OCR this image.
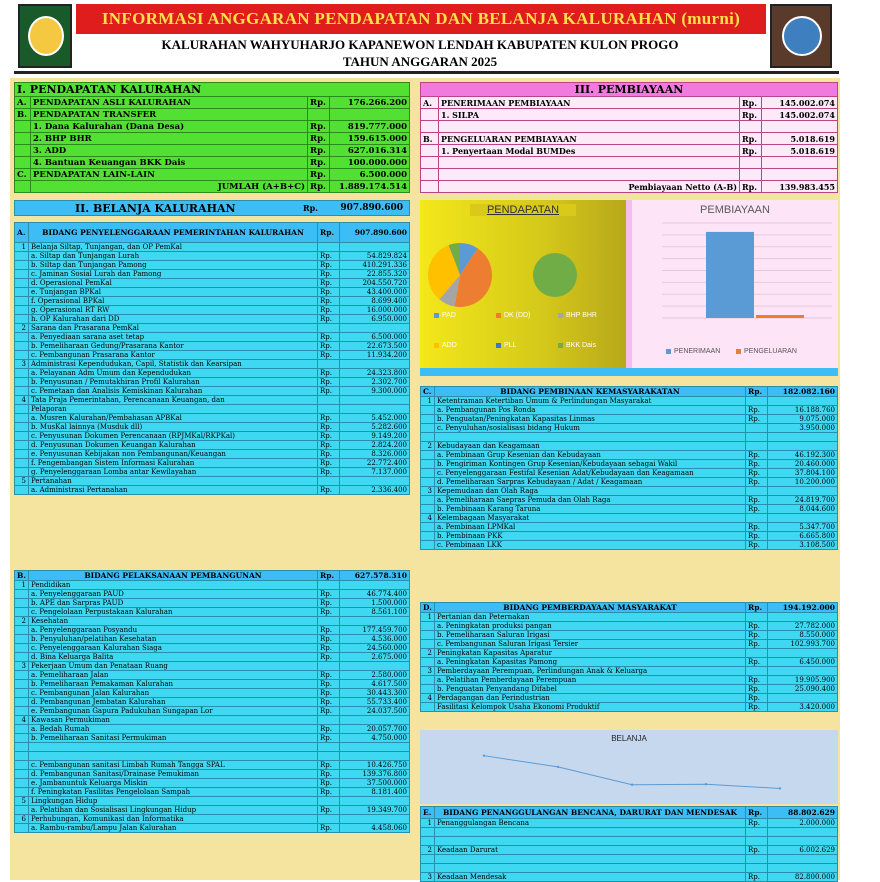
INFORMASI ANGGARAN PENDAPATAN DAN BELANJA KALURAHAN (murni)
KALURAHAN WAHYUHARJO KAPANEWON LENDAH KABUPATEN KULON PROGO
TAHUN ANGGARAN 2025
I. PENDAPATAN KALURAHAN			
A.	PENDAPATAN ASLI KALURAHAN	Rp.	176.266.200
B.	PENDAPATAN TRANSFER		
	1. Dana Kalurahan (Dana Desa)	Rp.	819.777.000
	2. BHP BHR	Rp.	159.615.000
	3. ADD	Rp.	627.016.314
	4. Bantuan Keuangan BKK Dais	Rp.	100.000.000
C.	PENDAPATAN LAIN-LAIN	Rp.	6.500.000
	JUMLAH (A+B+C)	Rp.	1.889.174.514
III. PEMBIAYAAN			
A.	PENERIMAAN PEMBIAYAAN	Rp.	145.002.074
	1. SILPA	Rp.	145.002.074

B.	PENGELUARAN PEMBIAYAAN	Rp.	5.018.619
	1. Penyertaan Modal BUMDes	Rp.	5.018.619

	Pembiayaan Netto (A-B)	Rp.	139.983.455
II. BELANJA KALURAHAN	Rp. 907.890.600	PENDAPATAN
PAD	DK (DD)	BHP BHR
ADD	PLL	BKK Dais
PEMBIAYAAN
PENERIMAAN	PENGELUARAN
A.	BIDANG PENYELENGGARAAN PEMERINTAHAN KALURAHAN	Rp.	907.890.600
1	Belanja Siltap, Tunjangan, dan OP PemKal		
	a. Siltap dan Tunjangan Lurah	Rp.	54.829.824
	b. Siltap dan Tunjangan Pamong	Rp.	410.291.336
	c. Jaminan Sosial Lurah dan Pamong	Rp.	22.855.320
	d. Operasional PemKal	Rp.	204.550.720
	e. Tunjangan BPKal	Rp.	43.400.000
	f. Operasional BPKal	Rp.	8.699.400
	g. Operasional RT RW	Rp.	16.000.000
	h. OP Kalurahan dari DD	Rp.	6.950.000
2	Sarana dan Prasarana PemKal		
	a. Penyediaan sarana aset tetap	Rp.	6.500.000
	b. Pemeliharaan Gedung/Prasarana Kantor	Rp.	22.673.500
	c. Pembangunan Prasarana Kantor	Rp.	11.934.200
3	Administrasi Kependudukan, Capil, Statistik dan Kearsipan		
	a. Pelayanan Adm Umum dan Kependudukan	Rp.	24.323.800
	b. Penyusunan / Pemutakhiran Profil Kalurahan	Rp.	2.302.700
	c. Pemetaan dan Analisis Kemiskinan Kalurahan	Rp.	9.300.000
4	Tata Praja Pemerintahan, Perencanaan Keuangan, dan		
	Pelaporan		
	a. Musren Kalurahan/Pembahasan APBKal	Rp.	5.452.000
	b. MusKal lainnya (Musduk dll)	Rp.	5.282.600
	c. Penyusunan Dokumen Perencanaan (RPJMKal/RKPKal)	Rp.	9.149.200
	d. Penyusunan Dokumen Keuangan Kalurahan	Rp.	2.824.200
	e. Penyusunan Kebijakan non Pembangunan/Keuangan	Rp.	8.326.000
	f. Pengembangan Sistem Informasi Kalurahan	Rp.	22.772.400
	g. Penyelenggaraan Lomba antar Kewilayahan	Rp.	7.137.000
5	Pertanahan		
	a. Administrasi Pertanahan	Rp.	2.336.400
B.	BIDANG PELAKSANAAN PEMBANGUNAN	Rp.	627.578.310
1	Pendidikan		
	a. Penyelenggaraan PAUD	Rp.	46.774.400
	b. APE dan Sarpras PAUD	Rp.	1.500.000
	c. Pengelolaan Perpustakaan Kalurahan	Rp.	8.561.100
2	Kesehatan		
	a. Penyelenggaraan Posyandu	Rp.	177.459.700
	b. Penyuluhan/pelatihan Kesehatan	Rp.	4.536.000
	c. Penyelenggaraan Kalurahan Siaga	Rp.	24.560.000
	d. Bina Keluarga Balita	Rp.	2.675.000
3	Pekerjaan Umum dan Penataan Ruang		
	a. Pemeliharaan Jalan	Rp.	2.580.000
	b. Pemeliharaan Pemakaman Kalurahan	Rp.	4.617.500
	c. Pembangunan Jalan Kalurahan	Rp.	30.443.300
	d. Pembangunan Jembatan Kalurahan	Rp.	55.733.400
	e. Pembangunan Gapura Padukuhan Sungapan Lor	Rp.	24.037.500
4	Kawasan Permukiman		
	a. Bedah Rumah	Rp.	20.057.700
	b. Pemeliharaan Sanitasi Permukiman	Rp.	4.750.000

	c. Pembangunan sanitasi Limbah Rumah Tangga SPAL	Rp.	10.426.750
	d. Pembangunan Sanitasi/Drainase Pemukiman	Rp.	139.376.800
	e. Jambanuntuk Keluarga Miskin	Rp.	37.500.000
	f. Peningkatan Fasilitas Pengelolaan Sampah	Rp.	8.181.400
5	Lingkungan Hidup		
	a. Pelatihan dan Sosialisasi Lingkungan Hidup	Rp.	19.349.700
6	Perhubungan, Komunikasi dan Informatika		
	a. Rambu-rambu/Lampu Jalan Kalurahan	Rp.	4.458.060
C.	BIDANG PEMBINAAN KEMASYARAKATAN	Rp.	182.082.160
1	Ketentraman Ketertiban Umum & Perlindungan Masyarakat		
	a. Pembangunan Pos Ronda	Rp.	16.188.760
	b. Penguatan/Peningkatan Kapasitas Linmas	Rp.	9.075.000
	c. Penyuluhan/sosialisasi bidang Hukum		3.950.000

2	Kebudayaan dan Keagamaan		
	a. Pembinaan Grup Kesenian dan Kebudayaan	Rp.	46.192.300
	b. Pengiriman Kontingen Grup Kesenian/Kebudayaan sebagai Wakil	Rp.	20.460.000
	c. Penyelenggaraan Festifal Kesenian Adat/Kebudayaan dan Keagamaan	Rp.	37.804.100
	d. Pemeliharaan Sarpras Kebudayaan / Adat / Keagamaan	Rp.	10.200.000
3	Kepemudaan dan Olah Raga		
	a. Pemeliharaan Saepras Pemuda dan Olah Raga	Rp.	24.819.700
	b. Pembinaan Karang Taruna	Rp.	8.044.600
4	Kelembagaan Masyarakat		
	a. Pembinaan LPMKal	Rp.	5.347.700
	b. Pembinaan PKK	Rp.	6.665.800
	c. Pembinaan LKK	Rp.	3.108.500
D.	BIDANG PEMBERDAYAAN MASYARAKAT	Rp.	194.192.000
1	Pertanian dan Peternakan		
	a. Peningkatan produksi pangan	Rp.	27.782.000
	b. Pemeliharaan Saluran Irigasi	Rp.	8.550.000
	c. Pembangunan Saluran Irigasi Tersier	Rp.	102.993.700
2	Peningkatan Kapasitas Aparatur		
	a. Peningkatan Kapasitas Pamong	Rp.	6.450.000
3	Pemberdayaan Perempuan, Perlindungan Anak & Keluarga		
	a. Pelatihan Pemberdayaan Perempuan	Rp.	19.905.900
	b. Penguatan Penyandang Difabel	Rp.	25.090.400
4	Perdagangan dan Perindustrian	Rp.	
	Fasilitasi Kelompok Usaha Ekonomi Produktif	Rp.	3.420.000
BELANJA
E.	BIDANG PENANGGULANGAN BENCANA, DARURAT DAN MENDESAK	Rp.	88.802.629
1	Penanggulangan Bencana	Rp.	2.000.000

2	Keadaan Darurat	Rp.	6.002.629

3	Keadaan Mendesak	Rp.	82.800.000
